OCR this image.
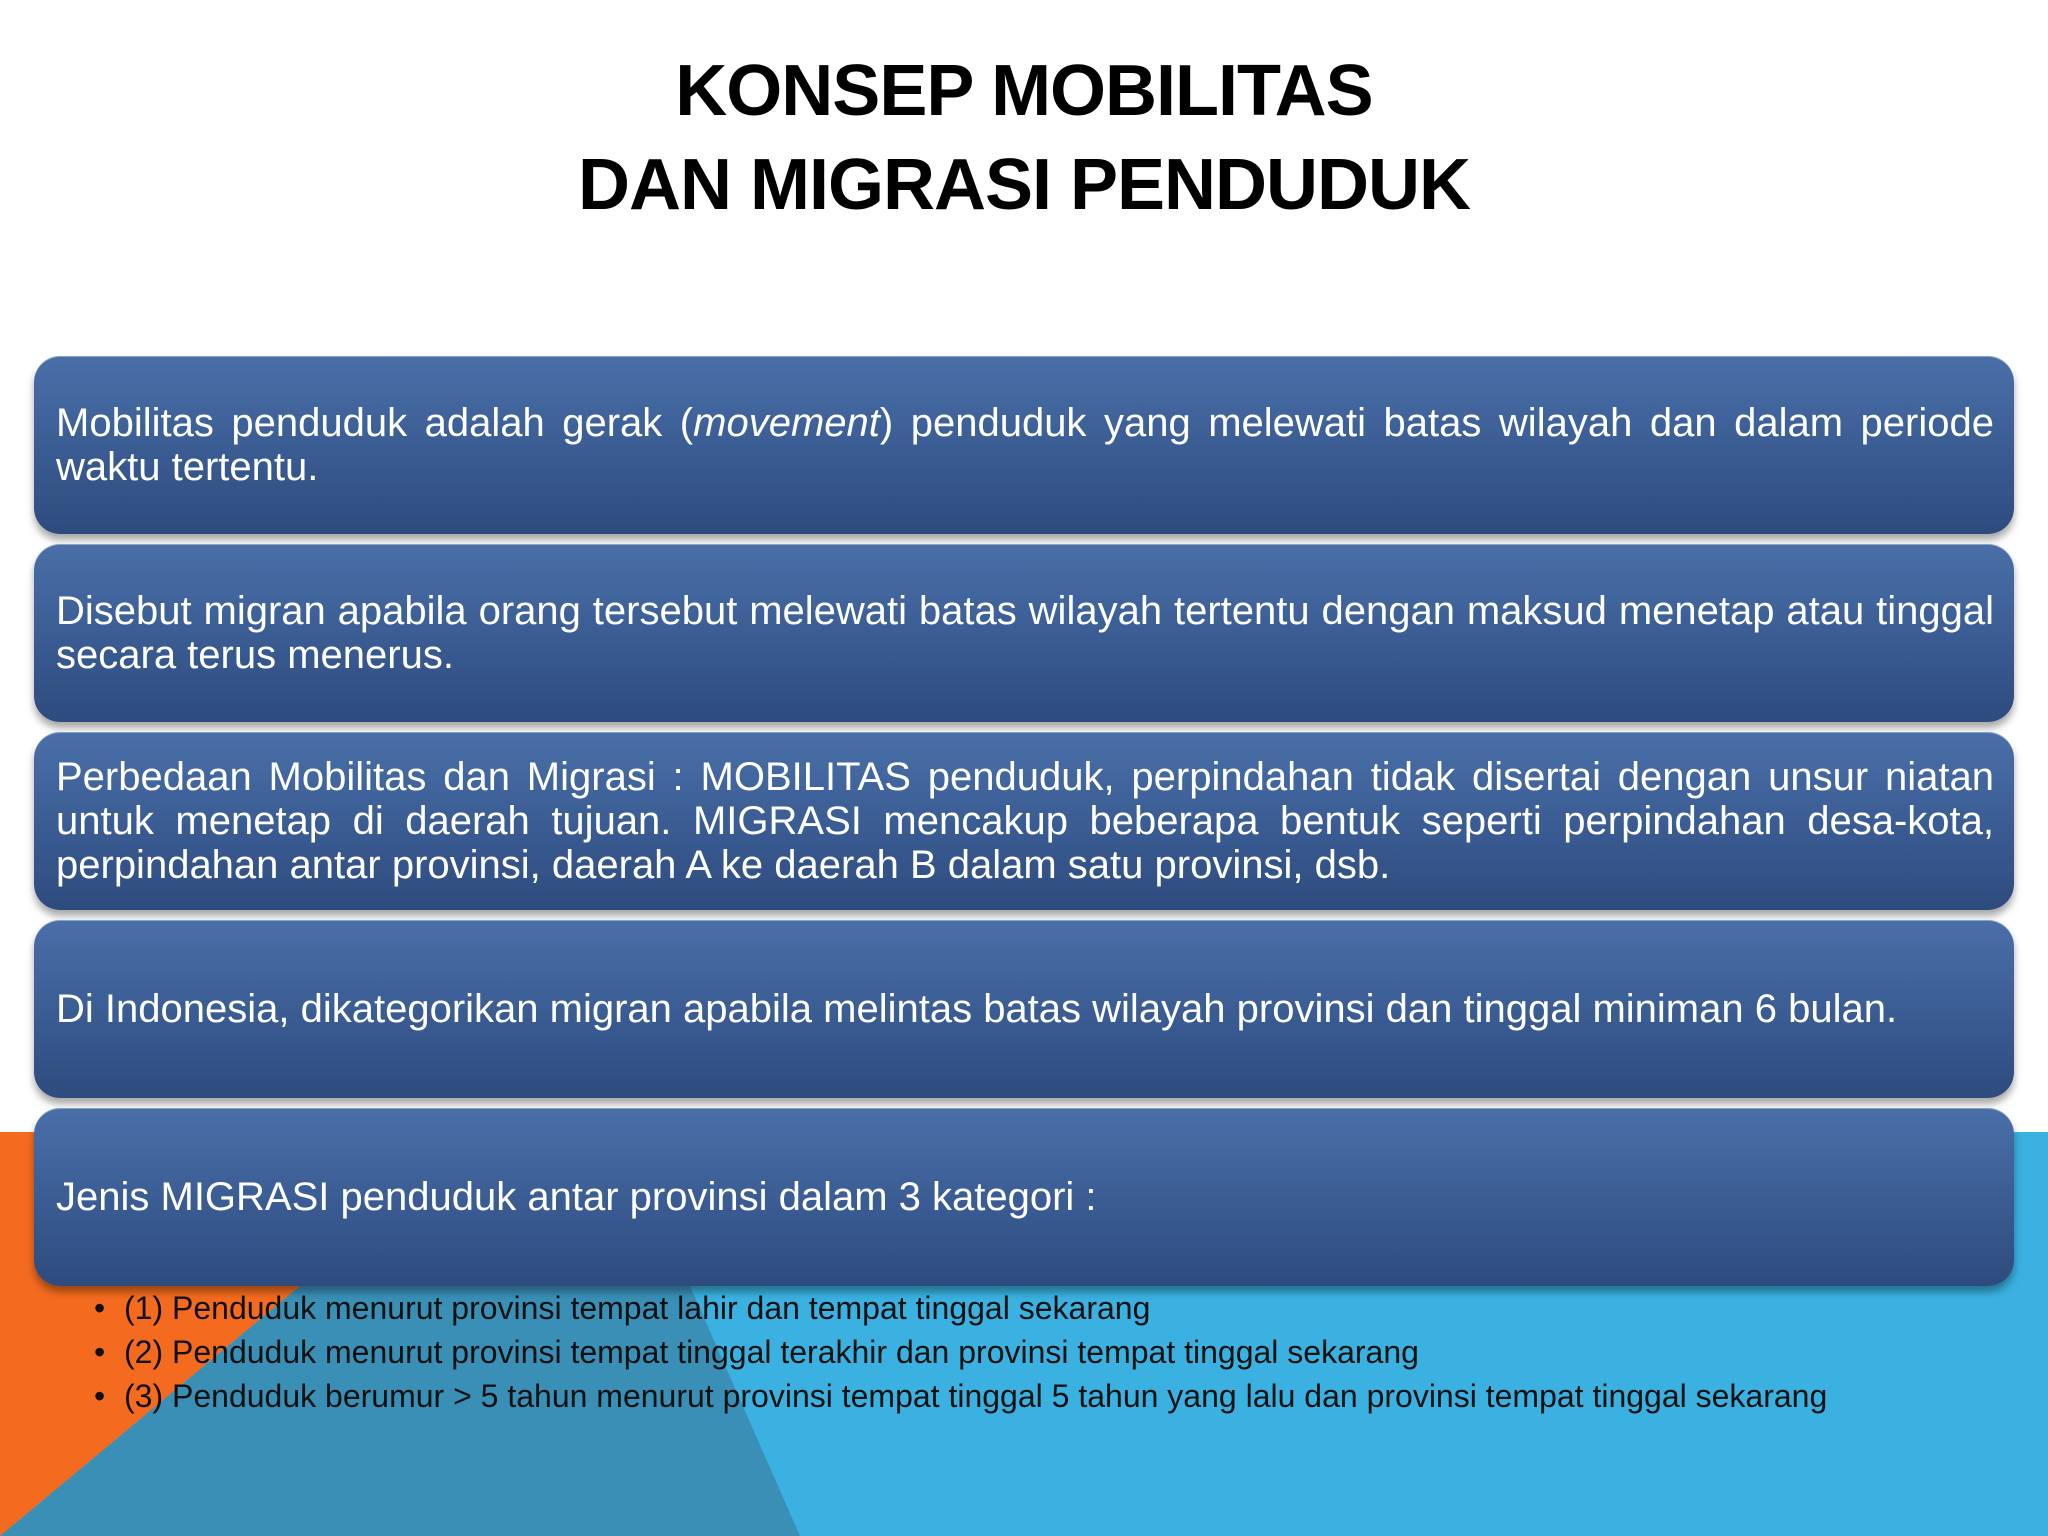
KONSEP MOBILITAS
DAN MIGRASI PENDUDUK
Mobilitas penduduk adalah gerak (movement) penduduk yang melewati batas wilayah dan dalam periode waktu tertentu.
Disebut migran apabila orang tersebut melewati batas wilayah tertentu dengan maksud menetap atau tinggal secara terus menerus.
Perbedaan Mobilitas dan Migrasi : MOBILITAS penduduk, perpindahan tidak disertai dengan unsur niatan untuk menetap di daerah tujuan. MIGRASI mencakup beberapa bentuk seperti perpindahan desa-kota, perpindahan antar provinsi, daerah A ke daerah B dalam satu provinsi, dsb.
Di Indonesia, dikategorikan migran apabila melintas batas wilayah provinsi dan tinggal miniman 6 bulan.
Jenis MIGRASI penduduk antar provinsi dalam 3 kategori :
• (1) Penduduk menurut provinsi tempat lahir dan tempat tinggal sekarang
• (2) Penduduk menurut provinsi tempat tinggal terakhir dan provinsi tempat tinggal sekarang
• (3) Penduduk berumur > 5 tahun menurut provinsi tempat tinggal 5 tahun yang lalu dan provinsi tempat tinggal sekarang
